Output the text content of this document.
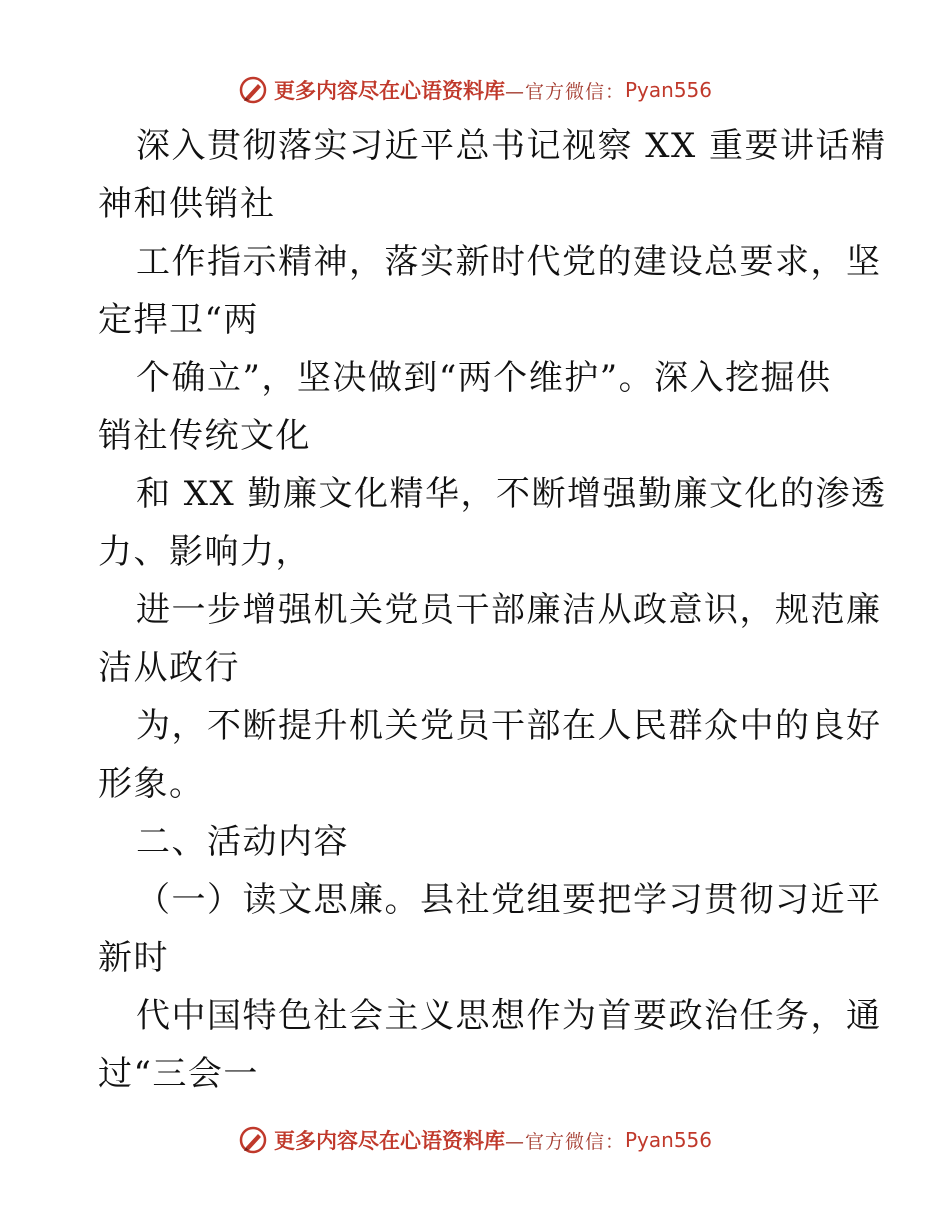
更多内容尽在心语资料库 —官方微信： Pyan556
深入贯彻落实习近平总书记视察 XX 重要讲话精
神和供销社
工作指示精神，落实新时代党的建设总要求，坚
定捍卫“两
个确立”，坚决做到“两个维护”。深入挖掘供
销社传统文化
和 XX 勤廉文化精华，不断增强勤廉文化的渗透
力、影响力，
进一步增强机关党员干部廉洁从政意识，规范廉
洁从政行
为，不断提升机关党员干部在人民群众中的良好
形象。
二、活动内容
（一）读文思廉。县社党组要把学习贯彻习近平
新时
代中国特色社会主义思想作为首要政治任务，通
过“三会一
更多内容尽在心语资料库 —官方微信： Pyan556
